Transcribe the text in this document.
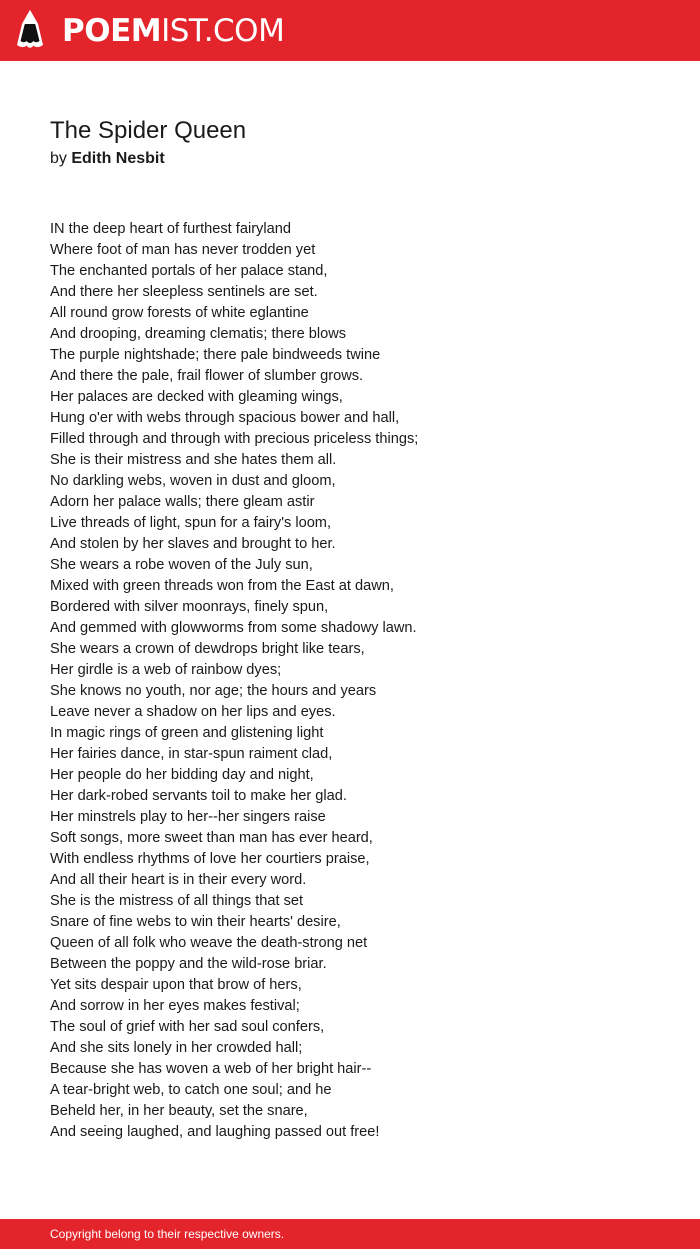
POEMIST.COM
The Spider Queen
by Edith Nesbit
IN the deep heart of furthest fairyland
Where foot of man has never trodden yet
The enchanted portals of her palace stand,
And there her sleepless sentinels are set.
All round grow forests of white eglantine
And drooping, dreaming clematis; there blows
The purple nightshade; there pale bindweeds twine
And there the pale, frail flower of slumber grows.
Her palaces are decked with gleaming wings,
Hung o'er with webs through spacious bower and hall,
Filled through and through with precious priceless things;
She is their mistress and she hates them all.
No darkling webs, woven in dust and gloom,
Adorn her palace walls; there gleam astir
Live threads of light, spun for a fairy's loom,
And stolen by her slaves and brought to her.
She wears a robe woven of the July sun,
Mixed with green threads won from the East at dawn,
Bordered with silver moonrays, finely spun,
And gemmed with glowworms from some shadowy lawn.
She wears a crown of dewdrops bright like tears,
Her girdle is a web of rainbow dyes;
She knows no youth, nor age; the hours and years
Leave never a shadow on her lips and eyes.
In magic rings of green and glistening light
Her fairies dance, in star-spun raiment clad,
Her people do her bidding day and night,
Her dark-robed servants toil to make her glad.
Her minstrels play to her--her singers raise
Soft songs, more sweet than man has ever heard,
With endless rhythms of love her courtiers praise,
And all their heart is in their every word.
She is the mistress of all things that set
Snare of fine webs to win their hearts' desire,
Queen of all folk who weave the death-strong net
Between the poppy and the wild-rose briar.
Yet sits despair upon that brow of hers,
And sorrow in her eyes makes festival;
The soul of grief with her sad soul confers,
And she sits lonely in her crowded hall;
Because she has woven a web of her bright hair--
A tear-bright web, to catch one soul; and he
Beheld her, in her beauty, set the snare,
And seeing laughed, and laughing passed out free!
Copyright belong to their respective owners.
